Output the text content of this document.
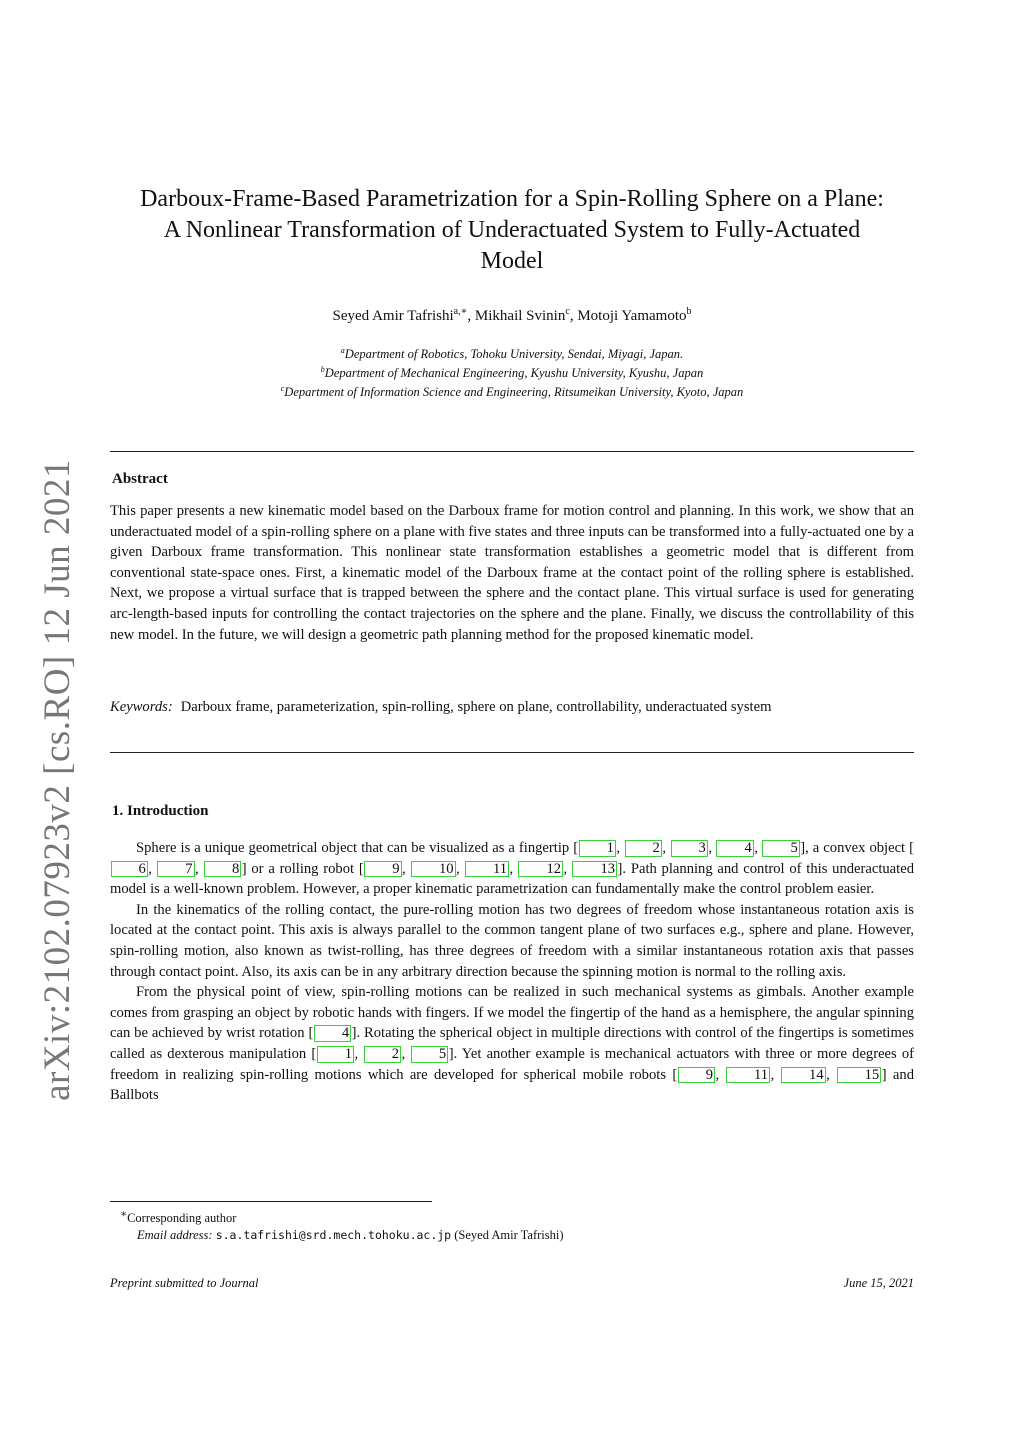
arXiv:2102.07923v2 [cs.RO] 12 Jun 2021
Darboux-Frame-Based Parametrization for a Spin-Rolling Sphere on a Plane: A Nonlinear Transformation of Underactuated System to Fully-Actuated Model
Seyed Amir Tafrishi$^{a,∗}$, Mikhail Svinin$^c$, Motoji Yamamoto$^b$
$^a$Department of Robotics, Tohoku University, Sendai, Miyagi, Japan.
$^b$Department of Mechanical Engineering, Kyushu University, Kyushu, Japan
$^c$Department of Information Science and Engineering, Ritsumeikan University, Kyoto, Japan
Abstract
This paper presents a new kinematic model based on the Darboux frame for motion control and planning. In this work, we show that an underactuated model of a spin-rolling sphere on a plane with five states and three inputs can be transformed into a fully-actuated one by a given Darboux frame transformation. This nonlinear state transformation establishes a geometric model that is different from conventional state-space ones. First, a kinematic model of the Darboux frame at the contact point of the rolling sphere is established. Next, we propose a virtual surface that is trapped between the sphere and the contact plane. This virtual surface is used for generating arc-length-based inputs for controlling the contact trajectories on the sphere and the plane. Finally, we discuss the controllability of this new model. In the future, we will design a geometric path planning method for the proposed kinematic model.
Keywords: Darboux frame, parameterization, spin-rolling, sphere on plane, controllability, underactuated system
1. Introduction

Sphere is a unique geometrical object that can be visualized as a fingertip [ 1 , 2 , 3 , 4 , 5 ], a convex object [6 , 7 , 8 ] or a rolling robot [ 9 , 10 , 11 , 12 , 13 ]. Path planning and control of this underactuated model is a well-known problem. However, a proper kinematic parametrization can fundamentally make the control problem easier.

In the kinematics of the rolling contact, the pure-rolling motion has two degrees of freedom whose instantaneous rotation axis is located at the contact point. This axis is always parallel to the common tangent plane of two surfaces e.g., sphere and plane. However, spin-rolling motion, also known as twist-rolling, has three degrees of freedom with a similar instantaneous rotation axis that passes through contact point. Also, its axis can be in any arbitrary direction because the spinning motion is normal to the rolling axis.

From the physical point of view, spin-rolling motions can be realized in such mechanical systems as gimbals. Another example comes from grasping an object by robotic hands with fingers. If we model the fingertip of the hand as a hemisphere, the angular spinning can be achieved by wrist rotation [ 4 ]. Rotating the spherical object in multiple directions with control of the fingertips is sometimes called as dexterous manipulation [ 1 , 2 , 5 ]. Yet another example is mechanical actuators with three or more degrees of freedom in realizing spin-rolling motions which are developed for spherical mobile robots [ 9 , 11 , 14 , 15 ] and Ballbots

∗Corresponding author
Email address: s.a.tafrishi@srd.mech.tohoku.ac.jp (Seyed Amir Tafrishi)
Preprint submitted to Journal	June 15, 2021
